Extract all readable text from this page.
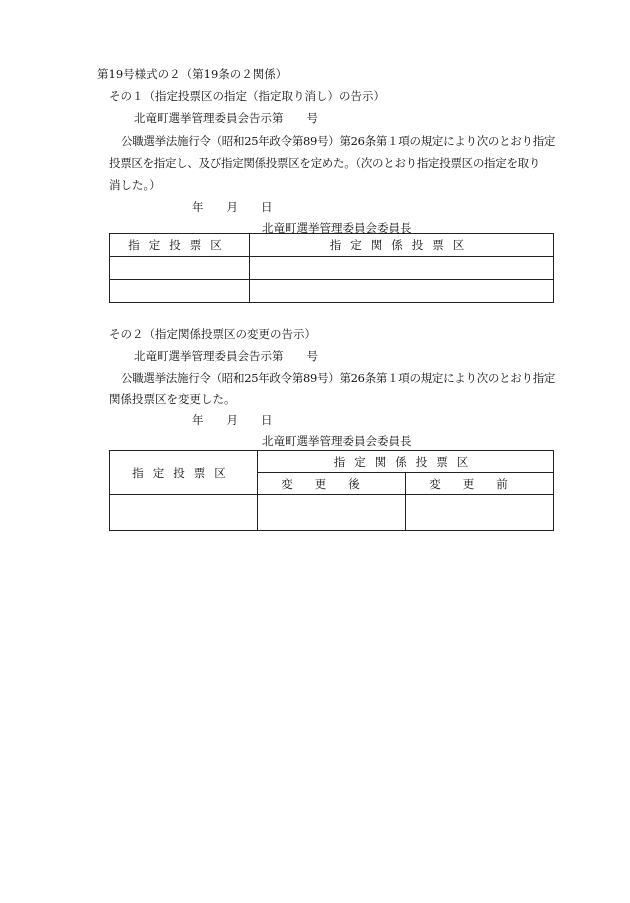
第19号様式の２（第19条の２関係）
その１（指定投票区の指定（指定取り消し）の告示）
北竜町選挙管理委員会告示第　　号
公職選挙法施行令（昭和25年政令第89号）第26条第１項の規定により次のとおり指定
投票区を指定し、及び指定関係投票区を定めた。（次のとおり指定投票区の指定を取り
消した。）
年　　月　　日
北竜町選挙管理委員会委員長
指定投票区	指定関係投票区

その２（指定関係投票区の変更の告示）
北竜町選挙管理委員会告示第　　号
公職選挙法施行令（昭和25年政令第89号）第26条第１項の規定により次のとおり指定
関係投票区を変更した。
年　　月　　日
北竜町選挙管理委員会委員長
指定投票区	指定関係投票区	
	変更後	変更前
